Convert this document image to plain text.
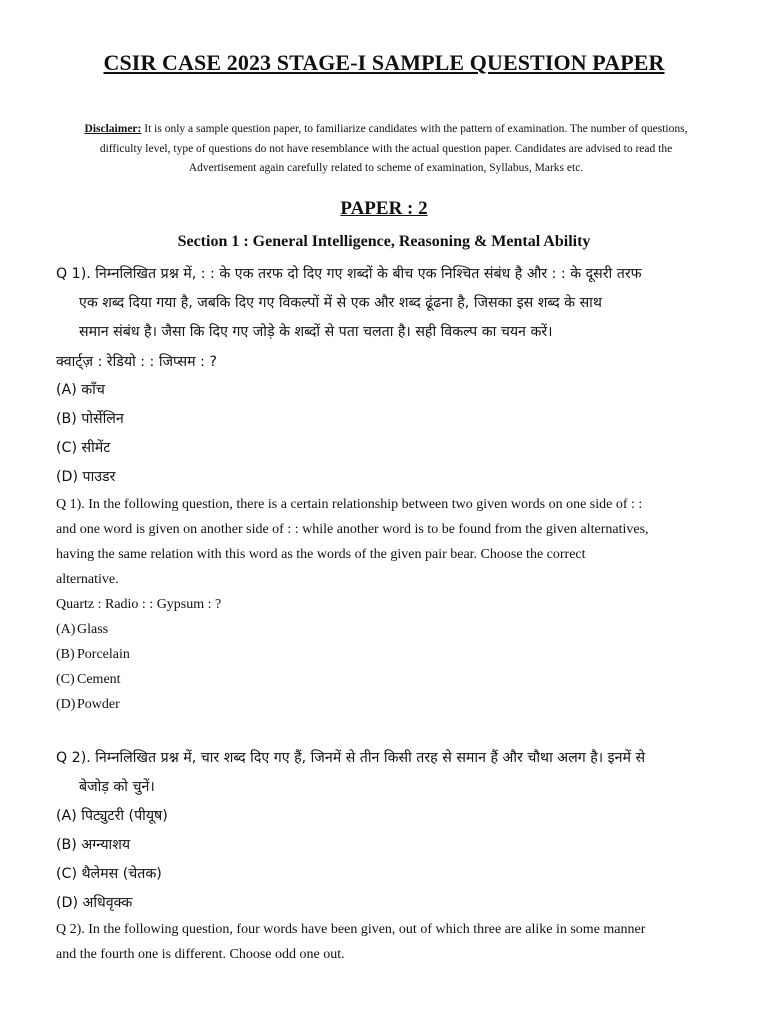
CSIR CASE 2023 STAGE-I SAMPLE QUESTION PAPER
Disclaimer: It is only a sample question paper, to familiarize candidates with the pattern of examination. The number of questions, difficulty level, type of questions do not have resemblance with the actual question paper. Candidates are advised to read the Advertisement again carefully related to scheme of examination, Syllabus, Marks etc.
PAPER : 2
Section 1 : General Intelligence, Reasoning & Mental Ability
Q 1). निम्नलिखित प्रश्न में, : : के एक तरफ दो दिए गए शब्दों के बीच एक निश्चित संबंध है और : : के दूसरी तरफ
एक शब्द दिया गया है, जबकि दिए गए विकल्पों में से एक और शब्द ढूंढना है, जिसका इस शब्द के साथ
समान संबंध है। जैसा कि दिए गए जोड़े के शब्दों से पता चलता है। सही विकल्प का चयन करें।
क्वार्ट्ज़ : रेडियो : : जिप्सम : ?
(A) काँच
(B) पोर्सेलिन
(C) सीमेंट
(D) पाउडर
Q 1). In the following question, there is a certain relationship between two given words on one side of : :
and one word is given on another side of : : while another word is to be found from the given alternatives,
having the same relation with this word as the words of the given pair bear. Choose the correct
alternative.
Quartz : Radio : : Gypsum : ?
(A) Glass
(B) Porcelain
(C) Cement
(D) Powder
Q 2). निम्नलिखित प्रश्न में, चार शब्द दिए गए हैं, जिनमें से तीन किसी तरह से समान हैं और चौथा अलग है। इनमें से
बेजोड़ को चुनें।
(A) पिट्युटरी (पीयूष)
(B) अग्न्याशय
(C) थैलेमस (चेतक)
(D) अधिवृक्क
Q 2). In the following question, four words have been given, out of which three are alike in some manner
and the fourth one is different. Choose odd one out.
